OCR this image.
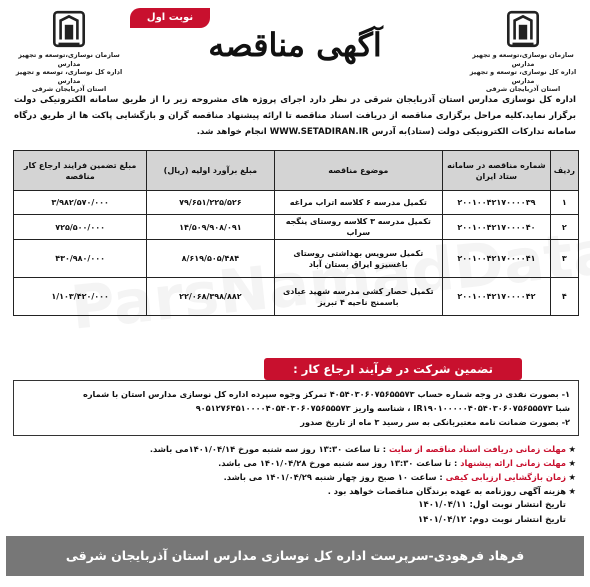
سازمان نوسازی،توسعه و تجهیز مدارس
اداره کل نوسازی، توسعه و تجهیز مدارس
استان آذربایجان شرقی
سازمان نوسازی،توسعه و تجهیز مدارس
اداره کل نوسازی، توسعه و تجهیز مدارس
استان آذربایجان شرقی
نوبت اول
آگهی مناقصه

اداره کل نوسازی مدارس استان آذربایجان شرقی در نظر دارد اجرای پروژه های مشروحه زیر را از طریق سامانه الکترونیکی دولت برگزار نماید.کلیه مراحل برگزاری مناقصه از دریافت اسناد مناقصه تا ارائه پیشنهاد مناقصه گران و بازگشایی پاکت ها از طریق درگاه سامانه تدارکات الکترونیکی دولت (ستاد)به آدرس WWW.SETADIRAN.IR انجام خواهد شد.

ردیف	شماره مناقصه در سامانه ستاد ایران	موضوع مناقصه	مبلغ برآورد اولیه (ریال)	مبلغ تضمین فرایند ارجاع کار مناقصه
۱	۲۰۰۱۰۰۴۲۱۷۰۰۰۰۳۹	تکمیل مدرسه ۶ کلاسه اتراب مراغه	۷۹/۶۵۱/۲۲۵/۵۲۶	۳/۹۸۲/۵۷۰/۰۰۰
۲	۲۰۰۱۰۰۴۲۱۷۰۰۰۰۴۰	تکمیل مدرسه ۳ کلاسه روستای ینگجه سراب	۱۴/۵۰۹/۹۰۸/۰۹۱	۷۲۵/۵۰۰/۰۰۰
۳	۲۰۰۱۰۰۴۲۱۷۰۰۰۰۴۱	تکمیل سرویس بهداشتی روستای باغسیزو ایراق بستان آباد	۸/۶۱۹/۵۰۵/۴۸۴	۴۳۰/۹۸۰/۰۰۰
۴	۲۰۰۱۰۰۴۲۱۷۰۰۰۰۴۲	تکمیل حصار کشی مدرسه شهید عبادی باسمنج ناحیه ۴ تبریز	۲۲/۰۶۸/۳۹۸/۸۸۲	۱/۱۰۳/۴۲۰/۰۰۰
تضمین شرکت در فرآیند ارجاع کار :
۱- بصورت نقدی در وجه شماره حساب ۴۰۵۴۰۳۰۶۰۷۵۶۵۵۵۷۳ تمرکز وجوه سپرده اداره کل نوسازی مدارس استان با شماره
شبا IR۱۹۰۱۰۰۰۰۰۴۰۵۴۰۳۰۶۰۷۵۶۵۵۵۷۳ ، شناسه واریز ۹۰۵۱۲۷۶۴۵۱۰۰۰۰۴۰۵۴۰۳۰۶۰۷۵۶۵۵۵۷۳
۲- بصورت ضمانت نامه معتبربانکی به سر رسید ۳ ماه از تاریخ صدور
★
مهلت زمانی دریافت اسناد مناقصه از سایت : تا ساعت ۱۳:۳۰ روز سه شنبه مورخ ۱۴۰۱/۰۴/۱۴می باشد.
★
مهلت زمانی ارائه پیشنهاد : تا ساعت ۱۳:۳۰ روز سه شنبه مورخ ۱۴۰۱/۰۴/۲۸ می باشد.
★
زمان بازگشایی ارزیابی کیفی : ساعت ۱۰ صبح روز چهار شنبه ۱۴۰۱/۰۴/۲۹ می باشد.
★
هزینه آگهی روزنامه به عهده برندگان مناقصات خواهد بود .
تاریخ انتشار نوبت اول: ۱۴۰۱/۰۴/۱۱
تاریخ انتشار نوبت دوم: ۱۴۰۱/۰۴/۱۲
فرهاد فرهودی-سرپرست اداره کل نوسازی مدارس استان آذربایجان شرقی
